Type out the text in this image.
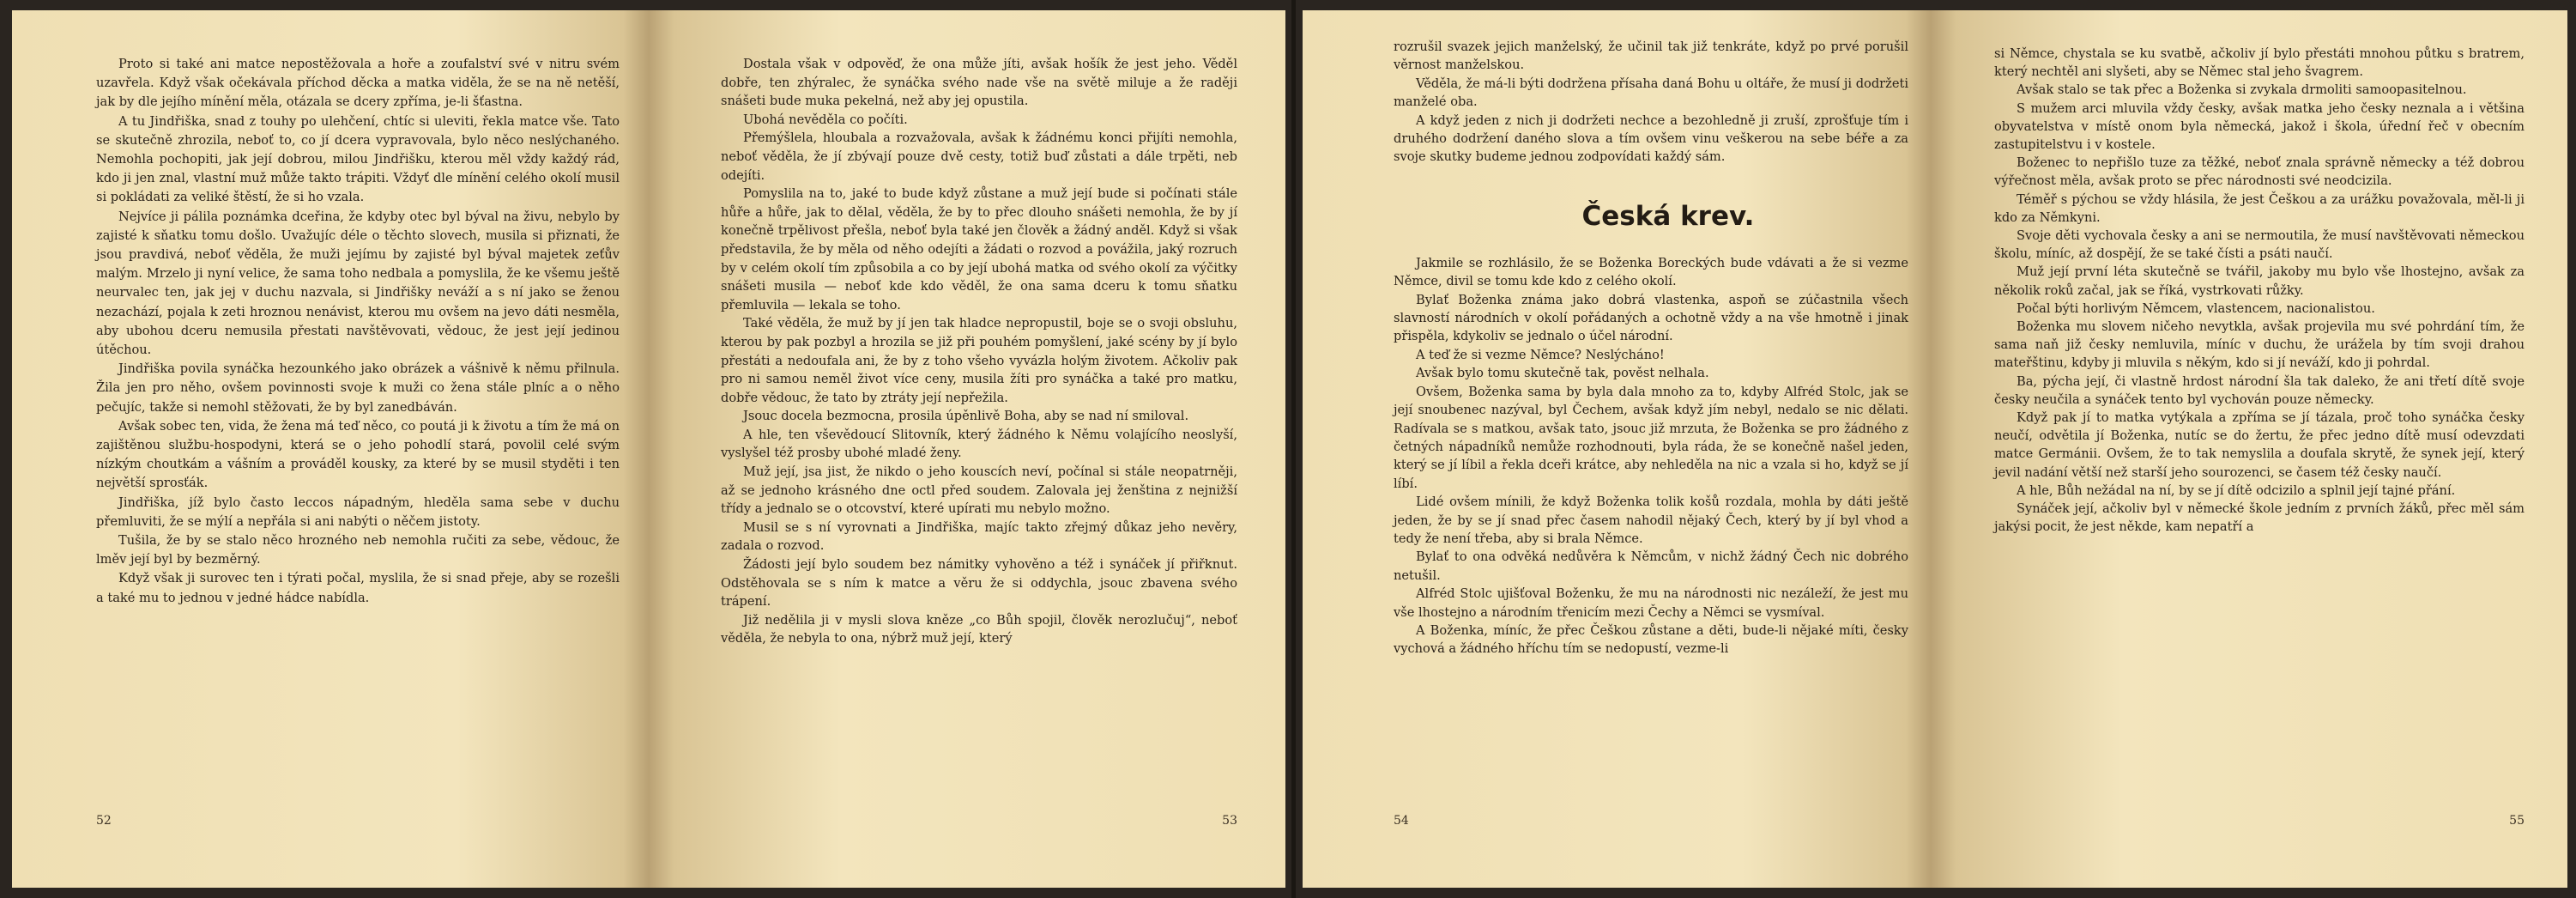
Proto si také ani matce nepostěžovala a hoře a zoufalství své v nitru svém uzavřela. Když však očekávala příchod děcka a matka viděla, že se na ně netěší, jak by dle jejího mínění měla, otázala se dcery zpříma, je-li šťastna.

A tu Jindřiška, snad z touhy po ulehčení, chtíc si uleviti, řekla matce vše. Tato se skutečně zhrozila, neboť to, co jí dcera vypravovala, bylo něco neslýchaného. Nemohla pochopiti, jak její dobrou, milou Jindřišku, kterou měl vždy každý rád, kdo ji jen znal, vlastní muž může takto trápiti. Vždyť dle mínění celého okolí musil si pokládati za veliké štěstí, že si ho vzala.

Nejvíce ji pálila poznámka dceřina, že kdyby otec byl býval na živu, nebylo by zajisté k sňatku tomu došlo. Uvažujíc déle o těchto slovech, musila si přiznati, že jsou pravdivá, neboť věděla, že muži jejímu by zajisté byl býval majetek zeťův malým. Mrzelo ji nyní velice, že sama toho nedbala a pomyslila, že ke všemu ještě neurvalec ten, jak jej v duchu nazvala, si Jindřišky neváží a s ní jako se ženou nezachází, pojala k zeti hroznou nenávist, kterou mu ovšem na jevo dáti nesměla, aby ubohou dceru nemusila přestati navštěvovati, vědouc, že jest její jedinou útěchou.

Jindřiška povila synáčka hezounkého jako obrázek a vášnivě k němu přilnula. Žila jen pro něho, ovšem povinnosti svoje k muži co žena stále plníc a o něho pečujíc, takže si nemohl stěžovati, že by byl zanedbáván.

Avšak sobec ten, vida, že žena má teď něco, co poutá ji k životu a tím že má on zajištěnou službu-hospodyni, která se o jeho pohodlí stará, povolil celé svým nízkým choutkám a vášním a prováděl kousky, za které by se musil styděti i ten největší sprosťák.

Jindřiška, jíž bylo často leccos nápadným, hleděla sama sebe v duchu přemluviti, že se mýlí a nepřála si ani nabýti o něčem jistoty.

Tušila, že by se stalo něco hrozného neb nemohla ručiti za sebe, vědouc, že lměv její byl by bezměrný.

Když však ji surovec ten i týrati počal, myslila, že si snad přeje, aby se rozešli a také mu to jednou v jedné hádce nabídla.

52

Dostala však v odpověď, že ona může jíti, avšak hošík že jest jeho. Věděl dobře, ten zhýralec, že synáčka svého nade vše na světě miluje a že raději snášeti bude muka pekelná, než aby jej opustila.

Ubohá nevěděla co počíti.

Přemýšlela, hloubala a rozvažovala, avšak k žádnému konci přijíti nemohla, neboť věděla, že jí zbývají pouze dvě cesty, totiž buď zůstati a dále trpěti, neb odejíti.

Pomyslila na to, jaké to bude když zůstane a muž její bude si počínati stále hůře a hůře, jak to dělal, věděla, že by to přec dlouho snášeti nemohla, že by jí konečně trpělivost přešla, neboť byla také jen člověk a žádný anděl. Když si však představila, že by měla od něho odejíti a žádati o rozvod a povážila, jaký rozruch by v celém okolí tím způsobila a co by její ubohá matka od svého okolí za výčitky snášeti musila — neboť kde kdo věděl, že ona sama dceru k tomu sňatku přemluvila — lekala se toho.

Také věděla, že muž by jí jen tak hladce nepropustil, boje se o svoji obsluhu, kterou by pak pozbyl a hrozila se již při pouhém pomyšlení, jaké scény by jí bylo přestáti a nedoufala ani, že by z toho všeho vyvázla holým životem. Ačkoliv pak pro ni samou neměl život více ceny, musila žíti pro synáčka a také pro matku, dobře vědouc, že tato by ztráty její nepřežila.

Jsouc docela bezmocna, prosila úpěnlivě Boha, aby se nad ní smiloval.

A hle, ten vševědoucí Slitovník, který žádného k Němu volajícího neoslyší, vyslyšel též prosby ubohé mladé ženy.

Muž její, jsa jist, že nikdo o jeho kouscích neví, počínal si stále neopatrněji, až se jednoho krásného dne octl před soudem. Zalovala jej ženština z nejnižší třídy a jednalo se o otcovství, které upírati mu nebylo možno.

Musil se s ní vyrovnati a Jindřiška, majíc takto zřejmý důkaz jeho nevěry, zadala o rozvod.

Žádosti její bylo soudem bez námitky vyhověno a též i synáček jí přiřknut. Odstěhovala se s ním k matce a věru že si oddychla, jsouc zbavena svého trápení.

Již nedělila ji v mysli slova kněze „co Bůh spojil, člověk nerozlučuj“, neboť věděla, že nebyla to ona, nýbrž muž její, který

53

rozrušil svazek jejich manželský, že učinil tak již tenkráte, když po prvé porušil věrnost manželskou.

Věděla, že má-li býti dodržena přísaha daná Bohu u oltáře, že musí ji dodržeti manželé oba.

A když jeden z nich ji dodržeti nechce a bezohledně ji zruší, zprošťuje tím i druhého dodržení daného slova a tím ovšem vinu veškerou na sebe béře a za svoje skutky budeme jednou zodpovídati každý sám.

Česká krev.

Jakmile se rozhlásilo, že se Boženka Boreckých bude vdávati a že si vezme Němce, divil se tomu kde kdo z celého okolí.

Bylať Boženka známa jako dobrá vlastenka, aspoň se zúčastnila všech slavností národních v okolí pořádaných a ochotně vždy a na vše hmotně i jinak přispěla, kdykoliv se jednalo o účel národní.

A teď že si vezme Němce? Neslýcháno!

Avšak bylo tomu skutečně tak, pověst nelhala.

Ovšem, Boženka sama by byla dala mnoho za to, kdyby Alfréd Stolc, jak se její snoubenec nazýval, byl Čechem, avšak když jím nebyl, nedalo se nic dělati. Radívala se s matkou, avšak tato, jsouc již mrzuta, že Boženka se pro žádného z četných nápadníků nemůže rozhodnouti, byla ráda, že se konečně našel jeden, který se jí líbil a řekla dceři krátce, aby nehleděla na nic a vzala si ho, když se jí líbí.

Lidé ovšem mínili, že když Boženka tolik košů rozdala, mohla by dáti ještě jeden, že by se jí snad přec časem nahodil nějaký Čech, který by jí byl vhod a tedy že není třeba, aby si brala Němce.

Bylať to ona odvěká nedůvěra k Němcům, v nichž žádný Čech nic dobrého netušil.

Alfréd Stolc ujišťoval Boženku, že mu na národnosti nic nezáleží, že jest mu vše lhostejno a národním třenicím mezi Čechy a Němci se vysmíval.

A Boženka, míníc, že přec Češkou zůstane a děti, bude-li nějaké míti, česky vychová a žádného hříchu tím se nedopustí, vezme-li

54

si Němce, chystala se ku svatbě, ačkoliv jí bylo přestáti mnohou půtku s bratrem, který nechtěl ani slyšeti, aby se Němec stal jeho švagrem.

Avšak stalo se tak přec a Boženka si zvykala drmoliti samoopasitelnou.

S mužem arci mluvila vždy česky, avšak matka jeho česky neznala a i většina obyvatelstva v místě onom byla německá, jakož i škola, úřední řeč v obecním zastupitelstvu i v kostele.

Boženec to nepřišlo tuze za těžké, neboť znala správně německy a též dobrou výřečnost měla, avšak proto se přec národnosti své neodcizila.

Téměř s pýchou se vždy hlásila, že jest Češkou a za urážku považovala, měl-li ji kdo za Němkyni.

Svoje děti vychovala česky a ani se nermoutila, že musí navštěvovati německou školu, míníc, až dospějí, že se také čísti a psáti naučí.

Muž její první léta skutečně se tvářil, jakoby mu bylo vše lhostejno, avšak za několik roků začal, jak se říká, vystrkovati růžky.

Počal býti horlivým Němcem, vlastencem, nacionalistou.

Boženka mu slovem ničeho nevytkla, avšak projevila mu své pohrdání tím, že sama naň již česky nemluvila, míníc v duchu, že urážela by tím svoji drahou mateřštinu, kdyby ji mluvila s někým, kdo si jí neváží, kdo ji pohrdal.

Ba, pýcha její, či vlastně hrdost národní šla tak daleko, že ani třetí dítě svoje česky neučila a synáček tento byl vychován pouze německy.

Když pak jí to matka vytýkala a zpříma se jí tázala, proč toho synáčka česky neučí, odvětila jí Boženka, nutíc se do žertu, že přec jedno dítě musí odevzdati matce Germánii. Ovšem, že to tak nemyslila a doufala skrytě, že synek její, který jevil nadání větší než starší jeho sourozenci, se časem též česky naučí.

A hle, Bůh nežádal na ní, by se jí dítě odcizilo a splnil její tajné přání.

Synáček její, ačkoliv byl v německé škole jedním z prvních žáků, přec měl sám jakýsi pocit, že jest někde, kam nepatří a

55
